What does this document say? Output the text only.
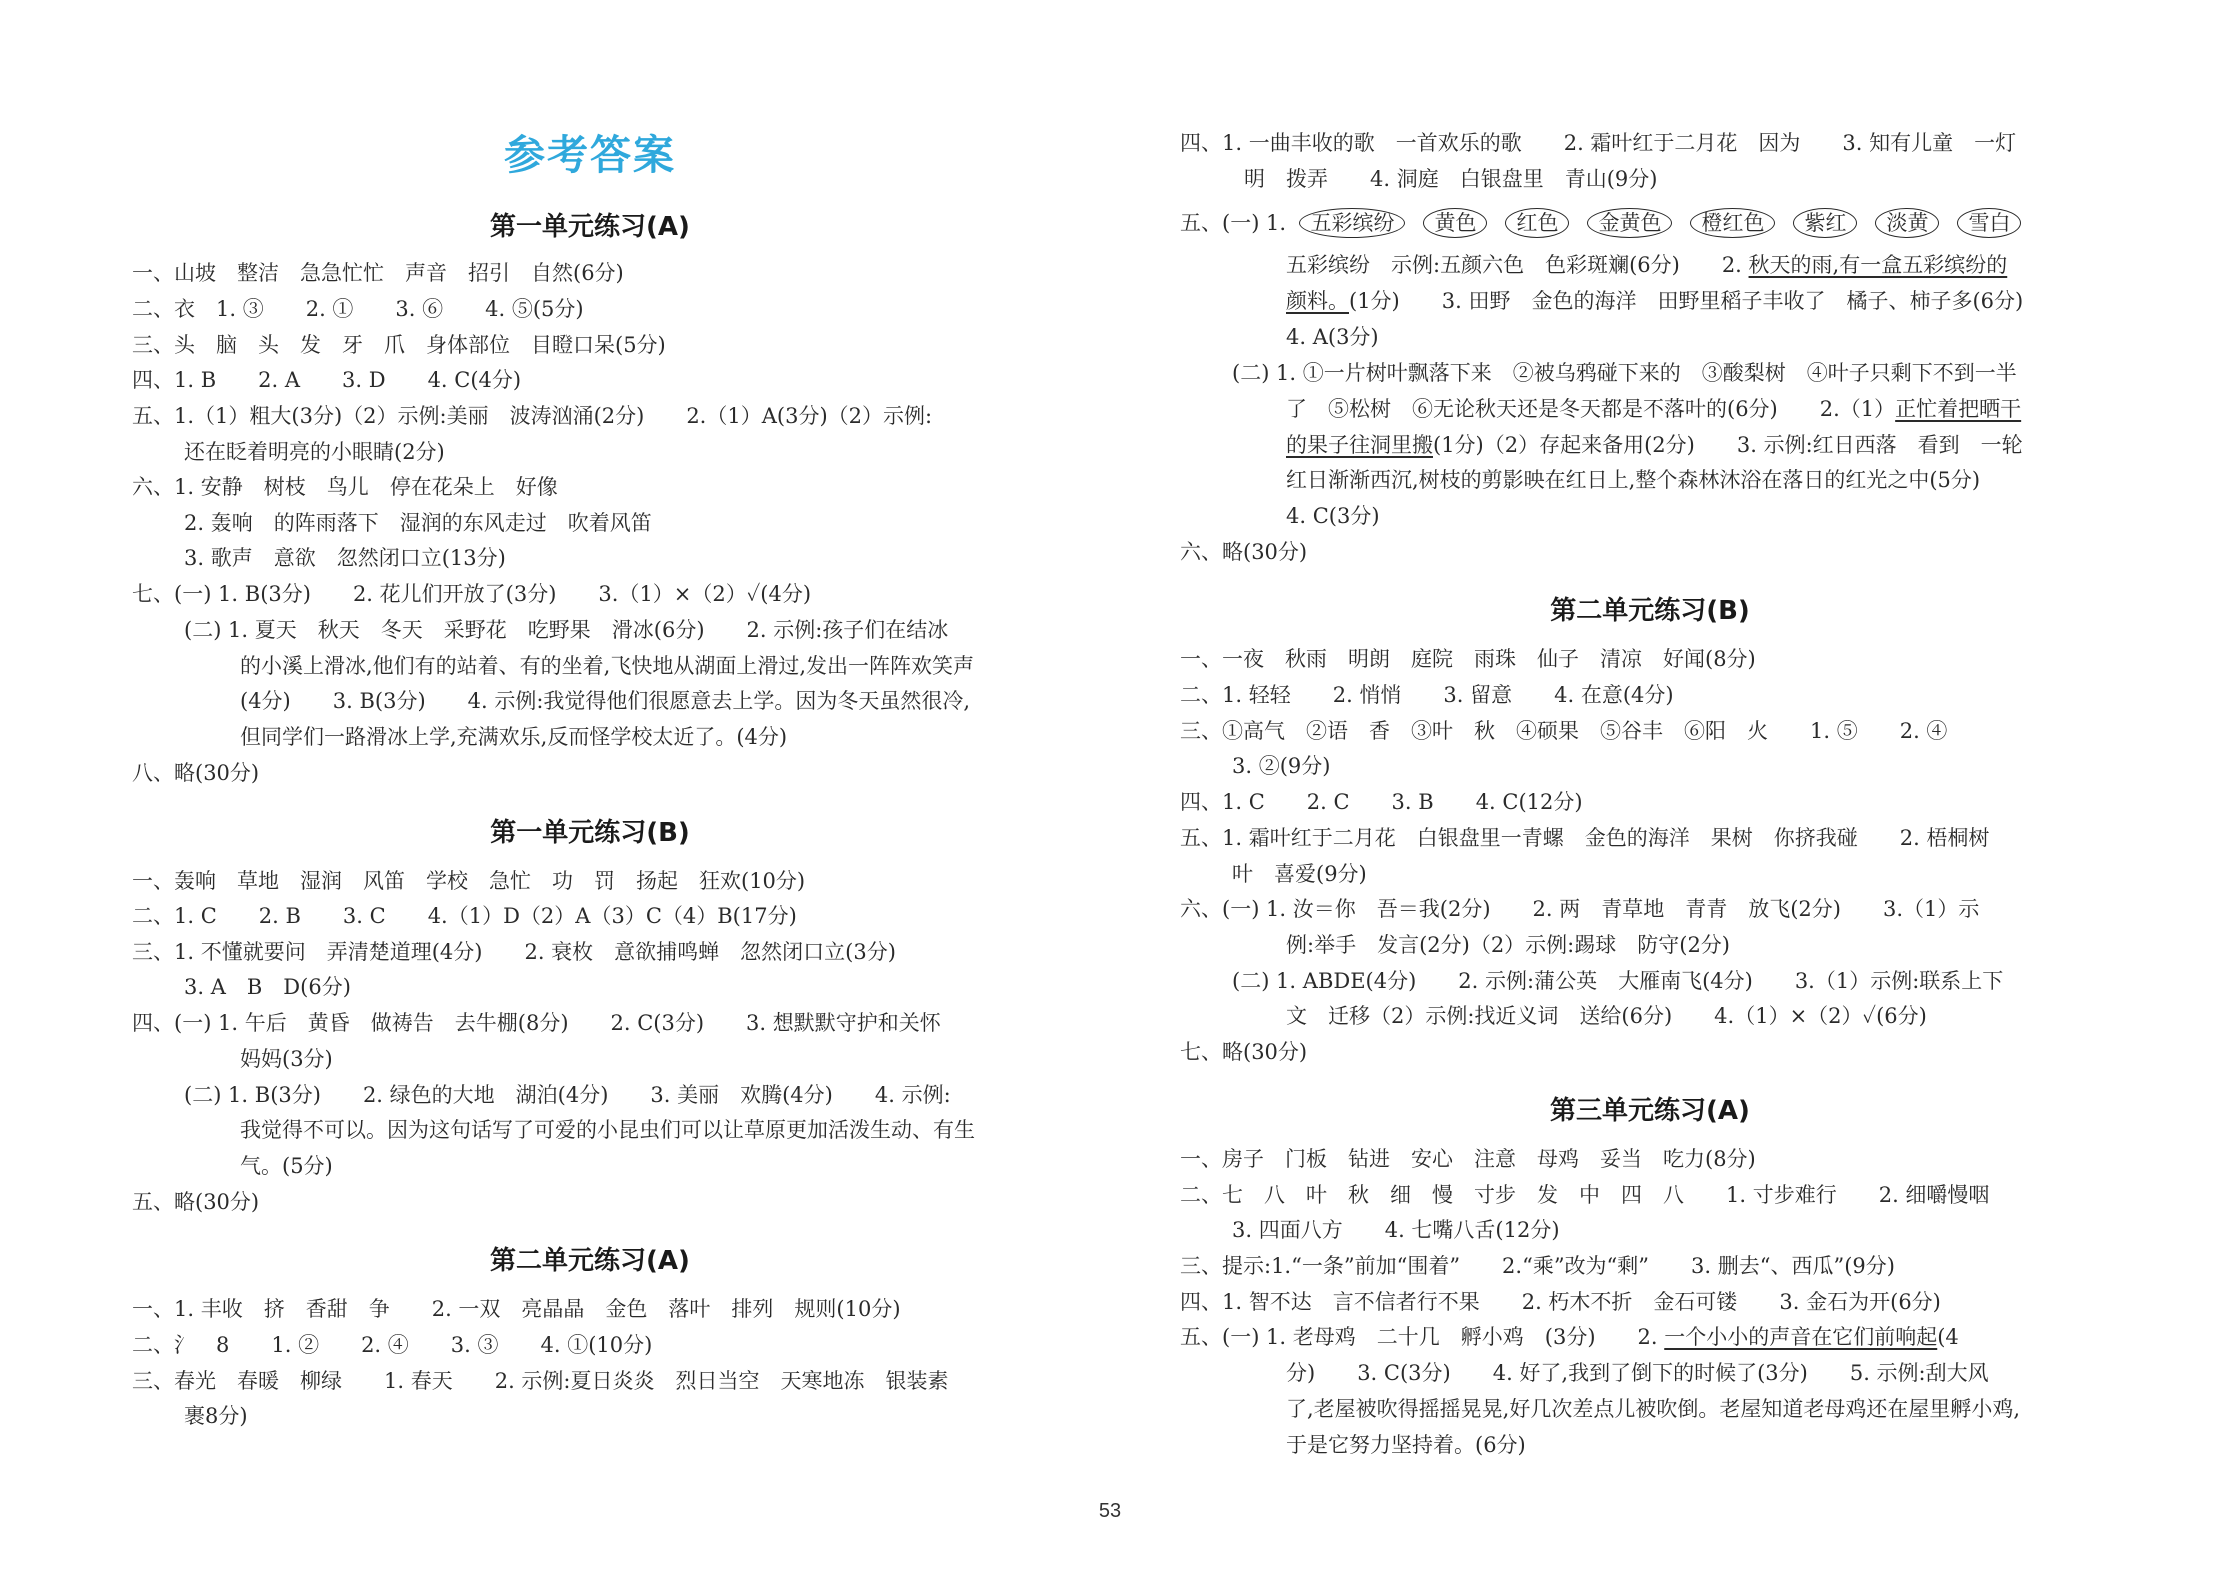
参考答案
第一单元练习(A)
一、山坡　整洁　急急忙忙　声音　招引　自然(6分)
二、衣　1. ③　　2. ①　　3. ⑥　　4. ⑤(5分)
三、头　脑　头　发　牙　爪　身体部位　目瞪口呆(5分)
四、1. B　　2. A　　3. D　　4. C(4分)
五、1.（1）粗大(3分)（2）示例:美丽　波涛汹涌(2分)　　2.（1）A(3分)（2）示例:
还在眨着明亮的小眼睛(2分)
六、1. 安静　树枝　鸟儿　停在花朵上　好像
2. 轰响　的阵雨落下　湿润的东风走过　吹着风笛
3. 歌声　意欲　忽然闭口立(13分)
七、(一) 1. B(3分)　　2. 花儿们开放了(3分)　　3.（1）×（2）✓(4分)
(二) 1. 夏天　秋天　冬天　采野花　吃野果　滑冰(6分)　　2. 示例:孩子们在结冰
的小溪上滑冰,他们有的站着、有的坐着,飞快地从湖面上滑过,发出一阵阵欢笑声
(4分)　　3. B(3分)　　4. 示例:我觉得他们很愿意去上学。因为冬天虽然很冷,
但同学们一路滑冰上学,充满欢乐,反而怪学校太近了。(4分)
八、略(30分)
第一单元练习(B)
一、轰响　草地　湿润　风笛　学校　急忙　功　罚　扬起　狂欢(10分)
二、1. C　　2. B　　3. C　　4.（1）D（2）A（3）C（4）B(17分)
三、1. 不懂就要问　弄清楚道理(4分)　　2. 衰枚　意欲捕鸣蝉　忽然闭口立(3分)
3. A　B　D(6分)
四、(一) 1. 午后　黄昏　做祷告　去牛棚(8分)　　2. C(3分)　　3. 想默默守护和关怀
妈妈(3分)
(二) 1. B(3分)　　2. 绿色的大地　湖泊(4分)　　3. 美丽　欢腾(4分)　　4. 示例:
我觉得不可以。因为这句话写了可爱的小昆虫们可以让草原更加活泼生动、有生
气。(5分)
五、略(30分)
第二单元练习(A)
一、1. 丰收　挤　香甜　争　　2. 一双　亮晶晶　金色　落叶　排列　规则(10分)
二、氵　8　　1. ②　　2. ④　　3. ③　　4. ①(10分)
三、春光　春暖　柳绿　　1. 春天　　2. 示例:夏日炎炎　烈日当空　天寒地冻　银装素
裹8分)
四、1. 一曲丰收的歌　一首欢乐的歌　　2. 霜叶红于二月花　因为　　3. 知有儿童　一灯
明　拨弄　　4. 洞庭　白银盘里　青山(9分)
五、(一) 1. 五彩缤纷 黄色 红色 金黄色 橙红色 紫红 淡黄 雪白
五彩缤纷　示例:五颜六色　色彩斑斓(6分)　　2. 秋天的雨,有一盒五彩缤纷的
颜料。(1分)　　3. 田野　金色的海洋　田野里稻子丰收了　橘子、柿子多(6分)
4. A(3分)
(二) 1. ①一片树叶飘落下来　②被乌鸦碰下来的　③酸梨树　④叶子只剩下不到一半
了　⑤松树　⑥无论秋天还是冬天都是不落叶的(6分)　　2.（1）正忙着把晒干
的果子往洞里搬(1分)（2）存起来备用(2分)　　3. 示例:红日西落　看到　一轮
红日渐渐西沉,树枝的剪影映在红日上,整个森林沐浴在落日的红光之中(5分)
4. C(3分)
六、略(30分)
第二单元练习(B)
一、一夜　秋雨　明朗　庭院　雨珠　仙子　清凉　好闻(8分)
二、1. 轻轻　　2. 悄悄　　3. 留意　　4. 在意(4分)
三、①高气　②语　香　③叶　秋　④硕果　⑤谷丰　⑥阳　火　　1. ⑤　　2. ④
3. ②(9分)
四、1. C　　2. C　　3. B　　4. C(12分)
五、1. 霜叶红于二月花　白银盘里一青螺　金色的海洋　果树　你挤我碰　　2. 梧桐树
叶　喜爱(9分)
六、(一) 1. 汝＝你　吾＝我(2分)　　2. 两　青草地　青青　放飞(2分)　　3.（1）示
例:举手　发言(2分)（2）示例:踢球　防守(2分)
(二) 1. ABDE(4分)　　2. 示例:蒲公英　大雁南飞(4分)　　3.（1）示例:联系上下
文　迁移（2）示例:找近义词　送给(6分)　　4.（1）×（2）✓(6分)
七、略(30分)
第三单元练习(A)
一、房子　门板　钻进　安心　注意　母鸡　妥当　吃力(8分)
二、七　八　叶　秋　细　慢　寸步　发　中　四　八　　1. 寸步难行　　2. 细嚼慢咽
3. 四面八方　　4. 七嘴八舌(12分)
三、提示:1.“一条”前加“围着”　　2.“乘”改为“剩”　　3. 删去“、西瓜”(9分)
四、1. 智不达　言不信者行不果　　2. 朽木不折　金石可镂　　3. 金石为开(6分)
五、(一) 1. 老母鸡　二十几　孵小鸡　(3分)　　2. 一个小小的声音在它们前响起(4
分)　　3. C(3分)　　4. 好了,我到了倒下的时候了(3分)　　5. 示例:刮大风
了,老屋被吹得摇摇晃晃,好几次差点儿被吹倒。老屋知道老母鸡还在屋里孵小鸡,
于是它努力坚持着。(6分)
53
